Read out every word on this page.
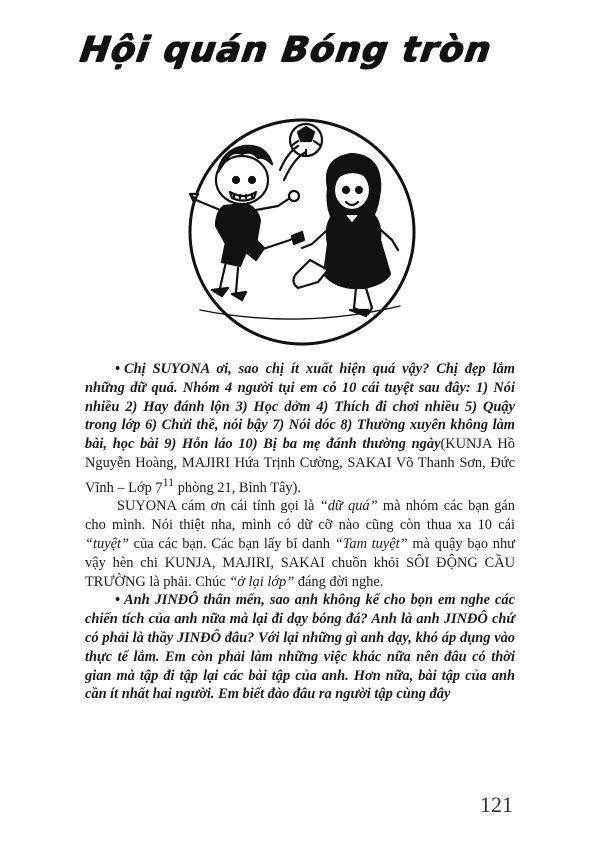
Hội quán Bóng tròn

• Chị SUYONA ơi, sao chị ít xuất hiện quá vậy? Chị đẹp lắm những dữ quá. Nhóm 4 người tụi em có 10 cái tuyệt sau đây: 1) Nói nhiều 2) Hay đánh lộn 3) Học dởm 4) Thích đi chơi nhiều 5) Quậy trong lớp 6) Chửi thề, nói bậy 7) Nói dóc 8) Thường xuyên không làm bài, học bài 9) Hỗn láo 10) Bị ba mẹ đánh thường ngày(KUNJA Hồ Nguyễn Hoàng, MAJIRI Hứa Trịnh Cường, SAKAI Võ Thanh Sơn, Đức Vĩnh – Lớp $7^{11}$ phòng 21, Bình Tây).

SUYONA cám ơn cái tính gọi là “dữ quá” mà nhóm các bạn gán cho mình. Nói thiệt nha, mình có dữ cỡ nào cũng còn thua xa 10 cái “tuyệt” của các bạn. Các bạn lấy bí danh “Tam tuyệt” mà quậy bạo như vậy hèn chi KUNJA, MAJIRI, SAKAI chuồn khỏi SÔI ĐỘNG CẦU TRƯỜNG là phải. Chúc “ở lại lớp” đáng đời nghe.

• Anh JINĐÔ thân mến, sao anh không kể cho bọn em nghe các chiến tích của anh nữa mà lại đi dạy bóng đá? Anh là anh JINĐÔ chứ có phải là thầy JINĐÔ đâu? Với lại những gì anh dạy, khó áp dụng vào thực tế lắm. Em còn phải làm những việc khác nữa nên đâu có thời gian mà tập đi tập lại các bài tập của anh. Hơn nữa, bài tập của anh cần ít nhất hai người. Em biết đào đâu ra người tập cùng đây

121
